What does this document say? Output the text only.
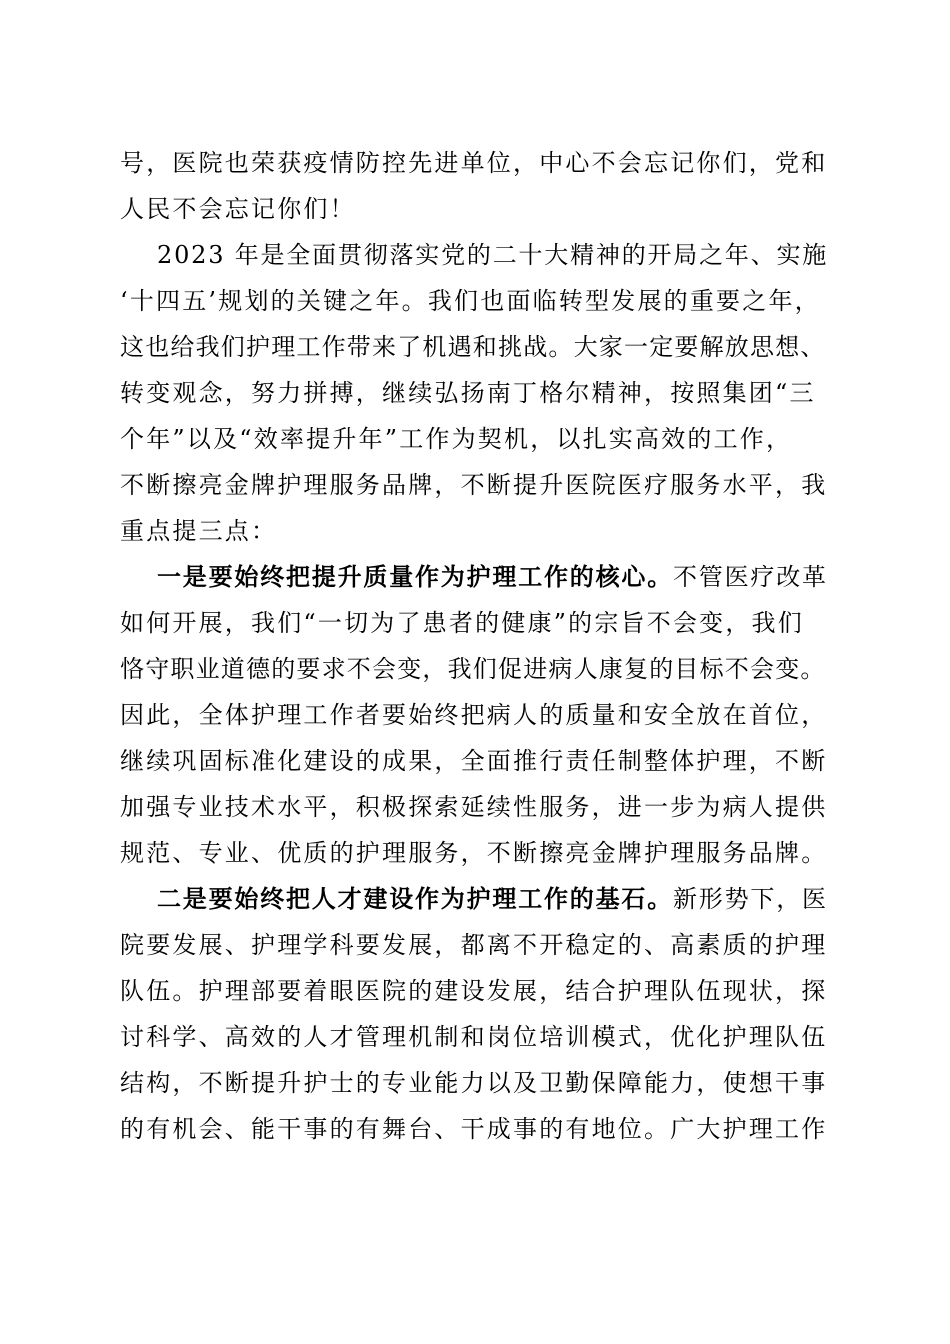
号，医院也荣获疫情防控先进单位，中心不会忘记你们，党和
人民不会忘记你们！
2023 年是全面贯彻落实党的二十大精神的开局之年、实施
‘十四五’规划的关键之年。我们也面临转型发展的重要之年，
这也给我们护理工作带来了机遇和挑战。大家一定要解放思想、
转变观念，努力拼搏，继续弘扬南丁格尔精神，按照集团“三
个年”以及“效率提升年”工作为契机，以扎实高效的工作，
不断擦亮金牌护理服务品牌，不断提升医院医疗服务水平，我
重点提三点：
一是要始终把提升质量作为护理工作的核心。不管医疗改革
如何开展，我们“一切为了患者的健康”的宗旨不会变，我们
恪守职业道德的要求不会变，我们促进病人康复的目标不会变。
因此，全体护理工作者要始终把病人的质量和安全放在首位，
继续巩固标准化建设的成果，全面推行责任制整体护理，不断
加强专业技术水平，积极探索延续性服务，进一步为病人提供
规范、专业、优质的护理服务，不断擦亮金牌护理服务品牌。
二是要始终把人才建设作为护理工作的基石。新形势下，医
院要发展、护理学科要发展，都离不开稳定的、高素质的护理
队伍。护理部要着眼医院的建设发展，结合护理队伍现状，探
讨科学、高效的人才管理机制和岗位培训模式，优化护理队伍
结构，不断提升护士的专业能力以及卫勤保障能力，使想干事
的有机会、能干事的有舞台、干成事的有地位。广大护理工作
